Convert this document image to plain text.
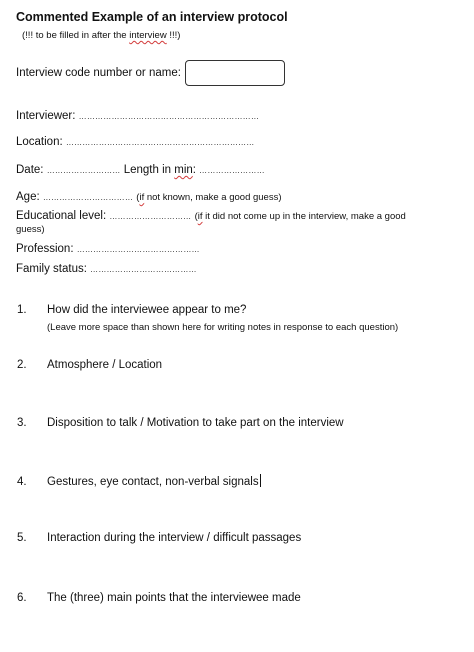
Commented Example of an interview protocol
(!!! to be filled in after the interview !!!)
Interview code number or name:
Interviewer: …………………………………………………………
Location: ……………………………………………………………
Date: ……………………… Length in min: ……………………
Age: …………………………… (if not known, make a good guess)
Educational level: ………………………… (if it did not come up in the interview, make a good
guess)
Profession: ………………………………………
Family status: …………………………………
1. How did the interviewee appear to me?
(Leave more space than shown here for writing notes in response to each question)
2. Atmosphere / Location
3. Disposition to talk / Motivation to take part on the interview
4. Gestures, eye contact, non-verbal signals
5. Interaction during the interview / difficult passages
6. The (three) main points that the interviewee made
